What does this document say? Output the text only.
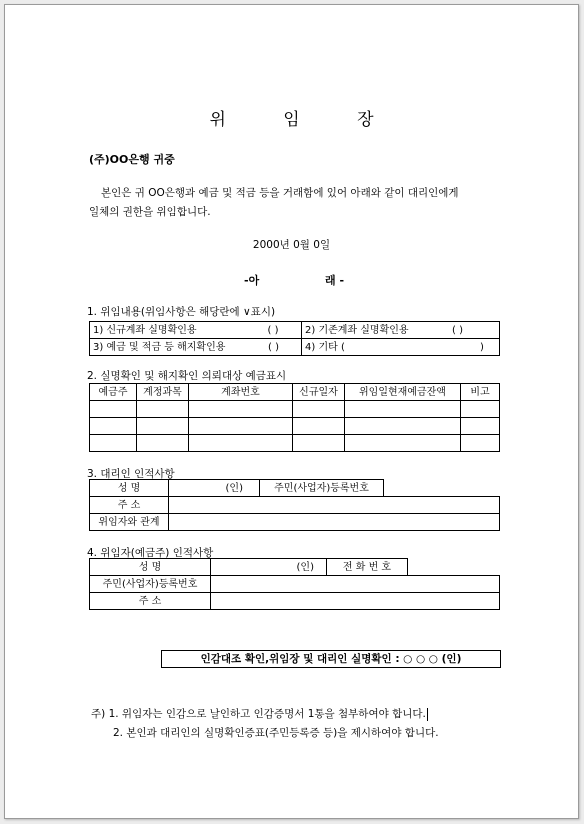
위 임 장
(주)OO은행 귀중
본인은 귀 OO은행과 예금 및 적금 등을 거래함에 있어 아래와 같이 대리인에게
일체의 권한을 위임합니다.
2000년 0월 0일
-아	래 -
1. 위임내용(위임사항은 해당란에 ∨표시)
1) 신규계좌 실명확인용 ( )	2) 기존계좌 실명확인용 ( )

3) 예금 및 적금 등 해지확인용 ( )	4) 기타 ( )
2. 실명확인 및 해지확인 의뢰대상 예금표시
예금주	계정과목	계좌번호	신규일자	위임일현재예금잔액	비고

3. 대리인 인적사항
성 명	(인)	주민(사업자)등록번호
주 소	
위임자와 관계	
4. 위임자(예금주) 인적사항
성 명	(인)	전 화 번 호
주민(사업자)등록번호	
주 소	
인감대조 확인,위임장 및 대리인 실명확인 : ○ ○ ○ (인)
주) 1. 위임자는 인감으로 날인하고 인감증명서 1통을 첨부하여야 합니다.
2. 본인과 대리인의 실명확인증표(주민등록증 등)을 제시하여야 합니다.
